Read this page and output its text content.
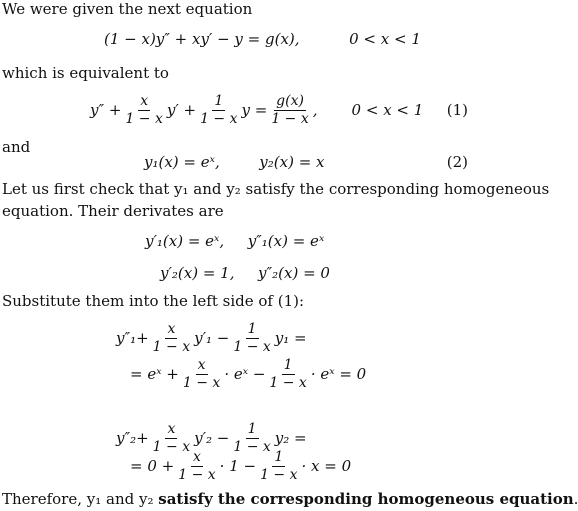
We were given the next equation
(1 − x)y″ + xy′ − y = g(x),	0 < x < 1
which is equivalent to
$y'' + \frac{x}{1 - x} y' + \frac{1}{1 - x}$ $y = \frac{g(x)}{1 - x}$ , 0 < x < 1 (1)
and
y₁(x) = eˣ,	y₂(x) = x	(2)
Let us first check that y₁ and y₂ satisfy the corresponding homogeneous
equation. Their derivates are
y′₁(x) = eˣ, y″₁(x) = eˣ
y′₂(x) = 1, y″₂(x) = 0
Substitute them into the left side of (1):
$y''_1+ \frac{x}{1 - x} y'_1 - \frac{1}{1 - x} y_1$ =
= eˣ + $\frac{x}{1 - x}$ · eˣ − $\frac{1}{1 - x}$ · eˣ = 0
$y''_2+ \frac{x}{1 - x} y'_2 - \frac{1}{1 - x} y_2$ =
= $0 + \frac{x}{1 - x} \cdot 1 - \frac{1}{1 - x} \cdot x = 0$
Therefore, y₁ and y₂ satisfy the corresponding homogeneous equation.
